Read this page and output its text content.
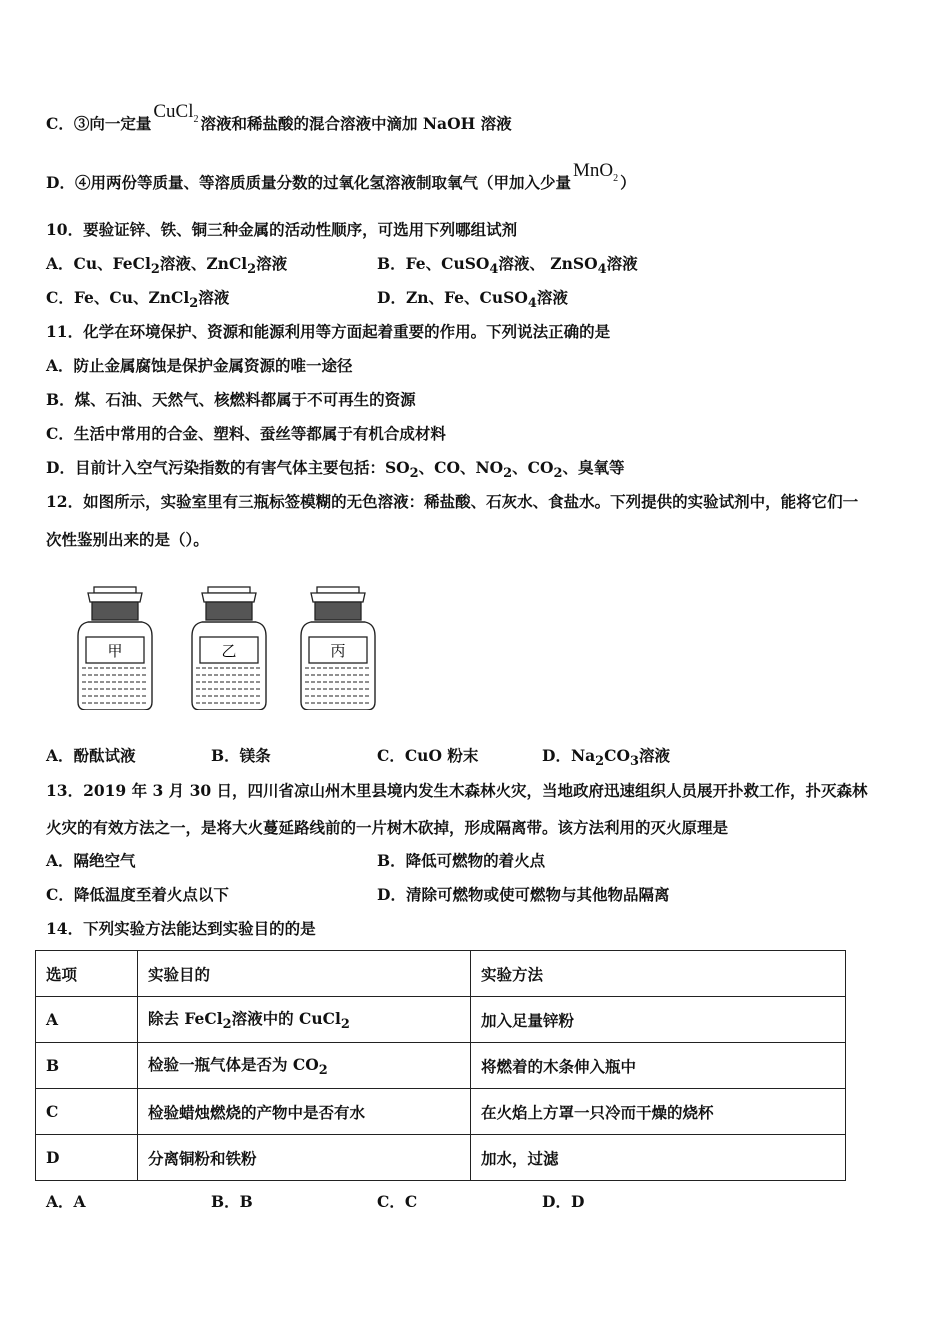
C．③向一定量CuCl$_2$ 溶液和稀盐酸的混合溶液中滴加 NaOH 溶液
D．④用两份等质量、等溶质质量分数的过氧化氢溶液制取氧气（甲加入少量MnO$_2$ ）
10．要验证锌、铁、铜三种金属的活动性顺序，可选用下列哪组试剂
A．Cu、FeCl$_2$溶液、ZnCl$_2$溶液	B．Fe、CuSO$_4$溶液、 ZnSO$_4$溶液
C．Fe、Cu、ZnCl$_2$溶液	D．Zn、Fe、CuSO$_4$溶液
11．化学在环境保护、资源和能源利用等方面起着重要的作用。下列说法正确的是
A．防止金属腐蚀是保护金属资源的唯一途径
B．煤、石油、天然气、核燃料都属于不可再生的资源
C．生活中常用的合金、塑料、蚕丝等都属于有机合成材料
D．目前计入空气污染指数的有害气体主要包括：$SO_2$、CO、$NO_2$、$CO_2$、臭氧等
12．如图所示，实验室里有三瓶标签模糊的无色溶液：稀盐酸、石灰水、食盐水。下列提供的实验试剂中，能将它们一
次性鉴别出来的是（）。
甲	乙	丙
A．酚酞试液	B．镁条	C．CuO 粉末	D．$Na_2CO_3$溶液
13．2019 年 3 月 30 日，四川省凉山州木里县境内发生木森林火灾，当地政府迅速组织人员展开扑救工作，扑灭森林
火灾的有效方法之一，是将大火蔓延路线前的一片树木砍掉，形成隔离带。该方法利用的灭火原理是
A．隔绝空气	B．降低可燃物的着火点
C．降低温度至着火点以下	D．清除可燃物或使可燃物与其他物品隔离
14．下列实验方法能达到实验目的的是
选项	实验目的	实验方法
A	除去 FeCl$_2$溶液中的 CuCl$_2$	加入足量锌粉
B	检验一瓶气体是否为 $CO_2$	将燃着的木条伸入瓶中
C	检验蜡烛燃烧的产物中是否有水	在火焰上方罩一只冷而干燥的烧杯
D	分离铜粉和铁粉	加水，过滤
A．A	B．B	C．C	D．D
